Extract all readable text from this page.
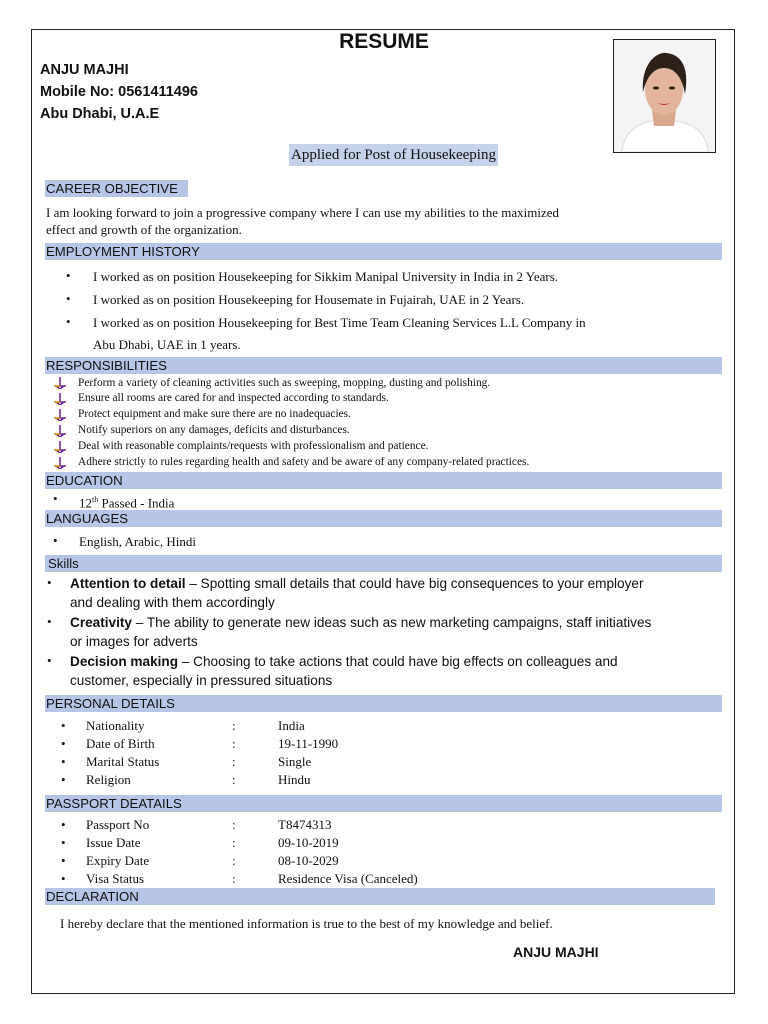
RESUME
ANJU MAJHI
Mobile No: 0561411496
Abu Dhabi, U.A.E
Applied for Post of Housekeeping
CAREER OBJECTIVE
I am looking forward to join a progressive company where I can use my abilities to the maximized
effect and growth of the organization.
EMPLOYMENT HISTORY
• I worked as on position Housekeeping for Sikkim Manipal University in India in 2 Years.
• I worked as on position Housekeeping for Housemate in Fujairah, UAE in 2 Years.
• I worked as on position Housekeeping for Best Time Team Cleaning Services L.L Company in
Abu Dhabi, UAE in 1 years.
RESPONSIBILITIES
Perform a variety of cleaning activities such as sweeping, mopping, dusting and polishing.
Ensure all rooms are cared for and inspected according to standards.
Protect equipment and make sure there are no inadequacies.
Notify superiors on any damages, deficits and disturbances.
Deal with reasonable complaints/requests with professionalism and patience.
Adhere strictly to rules regarding health and safety and be aware of any company-related practices.
EDUCATION
• 12th Passed - India
LANGUAGES
• English, Arabic, Hindi
Skills
• Attention to detail – Spotting small details that could have big consequences to your employer
and dealing with them accordingly
• Creativity – The ability to generate new ideas such as new marketing campaigns, staff initiatives
or images for adverts
• Decision making – Choosing to take actions that could have big effects on colleagues and
customer, especially in pressured situations
PERSONAL DETAILS
• Nationality	:	India
• Date of Birth	:	19-11-1990
• Marital Status	:	Single
• Religion	:	Hindu
PASSPORT DEATAILS
• Passport No	:	T8474313
• Issue Date	:	09-10-2019
• Expiry Date	:	08-10-2029
• Visa Status	:	Residence Visa (Canceled)
DECLARATION
I hereby declare that the mentioned information is true to the best of my knowledge and belief.
ANJU MAJHI
